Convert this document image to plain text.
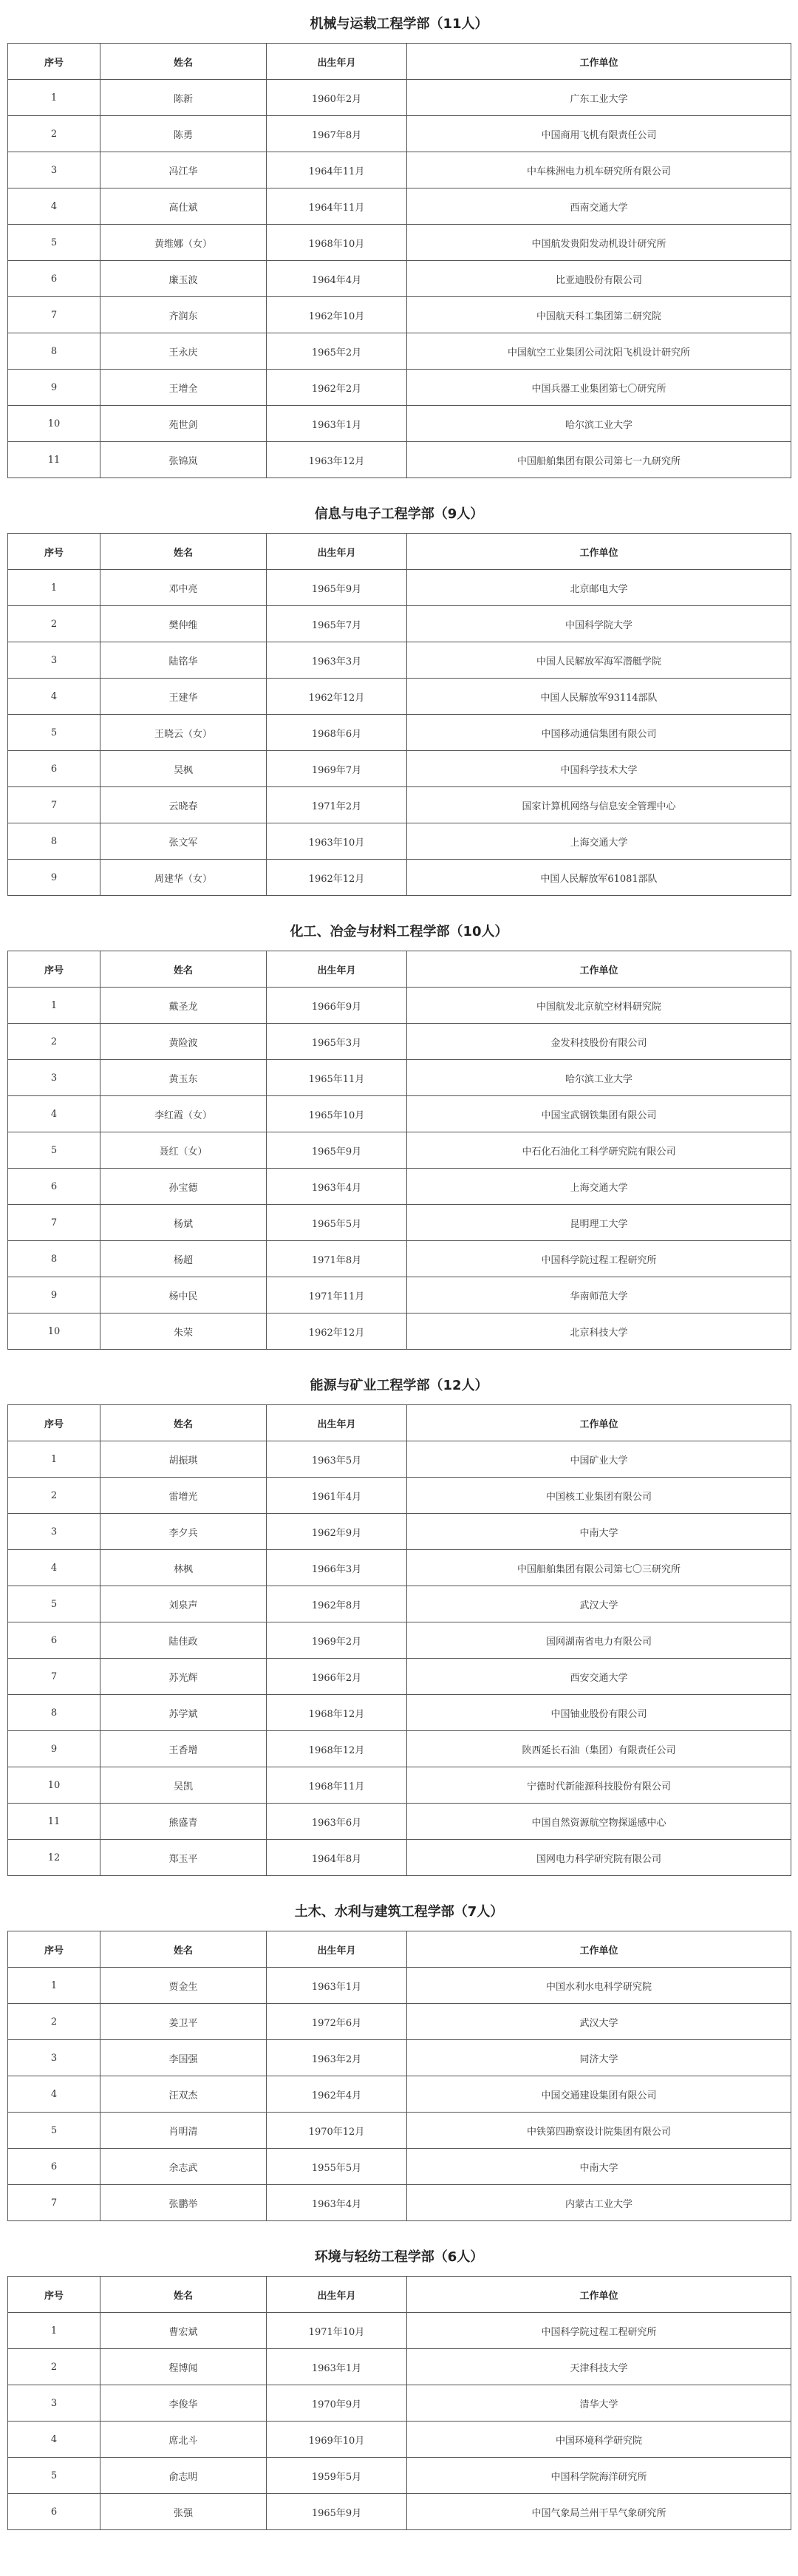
机械与运载工程学部（11人）
序号	姓名	出生年月	工作单位
1	陈新	1960年2月	广东工业大学
2	陈勇	1967年8月	中国商用飞机有限责任公司
3	冯江华	1964年11月	中车株洲电力机车研究所有限公司
4	高仕斌	1964年11月	西南交通大学
5	黄维娜（女）	1968年10月	中国航发贵阳发动机设计研究所
6	廉玉波	1964年4月	比亚迪股份有限公司
7	齐润东	1962年10月	中国航天科工集团第二研究院
8	王永庆	1965年2月	中国航空工业集团公司沈阳飞机设计研究所
9	王增全	1962年2月	中国兵器工业集团第七〇研究所
10	苑世剑	1963年1月	哈尔滨工业大学
11	张锦岚	1963年12月	中国船舶集团有限公司第七一九研究所
信息与电子工程学部（9人）
序号	姓名	出生年月	工作单位
1	邓中亮	1965年9月	北京邮电大学
2	樊仲维	1965年7月	中国科学院大学
3	陆铭华	1963年3月	中国人民解放军海军潜艇学院
4	王建华	1962年12月	中国人民解放军93114部队
5	王晓云（女）	1968年6月	中国移动通信集团有限公司
6	吴枫	1969年7月	中国科学技术大学
7	云晓春	1971年2月	国家计算机网络与信息安全管理中心
8	张文军	1963年10月	上海交通大学
9	周建华（女）	1962年12月	中国人民解放军61081部队
化工、冶金与材料工程学部（10人）
序号	姓名	出生年月	工作单位
1	戴圣龙	1966年9月	中国航发北京航空材料研究院
2	黄险波	1965年3月	金发科技股份有限公司
3	黄玉东	1965年11月	哈尔滨工业大学
4	李红霞（女）	1965年10月	中国宝武钢铁集团有限公司
5	聂红（女）	1965年9月	中石化石油化工科学研究院有限公司
6	孙宝德	1963年4月	上海交通大学
7	杨斌	1965年5月	昆明理工大学
8	杨超	1971年8月	中国科学院过程工程研究所
9	杨中民	1971年11月	华南师范大学
10	朱荣	1962年12月	北京科技大学
能源与矿业工程学部（12人）
序号	姓名	出生年月	工作单位
1	胡振琪	1963年5月	中国矿业大学
2	雷增光	1961年4月	中国核工业集团有限公司
3	李夕兵	1962年9月	中南大学
4	林枫	1966年3月	中国船舶集团有限公司第七〇三研究所
5	刘泉声	1962年8月	武汉大学
6	陆佳政	1969年2月	国网湖南省电力有限公司
7	苏光辉	1966年2月	西安交通大学
8	苏学斌	1968年12月	中国铀业股份有限公司
9	王香增	1968年12月	陕西延长石油（集团）有限责任公司
10	吴凯	1968年11月	宁德时代新能源科技股份有限公司
11	熊盛青	1963年6月	中国自然资源航空物探遥感中心
12	郑玉平	1964年8月	国网电力科学研究院有限公司
土木、水利与建筑工程学部（7人）
序号	姓名	出生年月	工作单位
1	贾金生	1963年1月	中国水利水电科学研究院
2	姜卫平	1972年6月	武汉大学
3	李国强	1963年2月	同济大学
4	汪双杰	1962年4月	中国交通建设集团有限公司
5	肖明清	1970年12月	中铁第四勘察设计院集团有限公司
6	余志武	1955年5月	中南大学
7	张鹏举	1963年4月	内蒙古工业大学
环境与轻纺工程学部（6人）
序号	姓名	出生年月	工作单位
1	曹宏斌	1971年10月	中国科学院过程工程研究所
2	程博闻	1963年1月	天津科技大学
3	李俊华	1970年9月	清华大学
4	席北斗	1969年10月	中国环境科学研究院
5	俞志明	1959年5月	中国科学院海洋研究所
6	张强	1965年9月	中国气象局兰州干旱气象研究所
